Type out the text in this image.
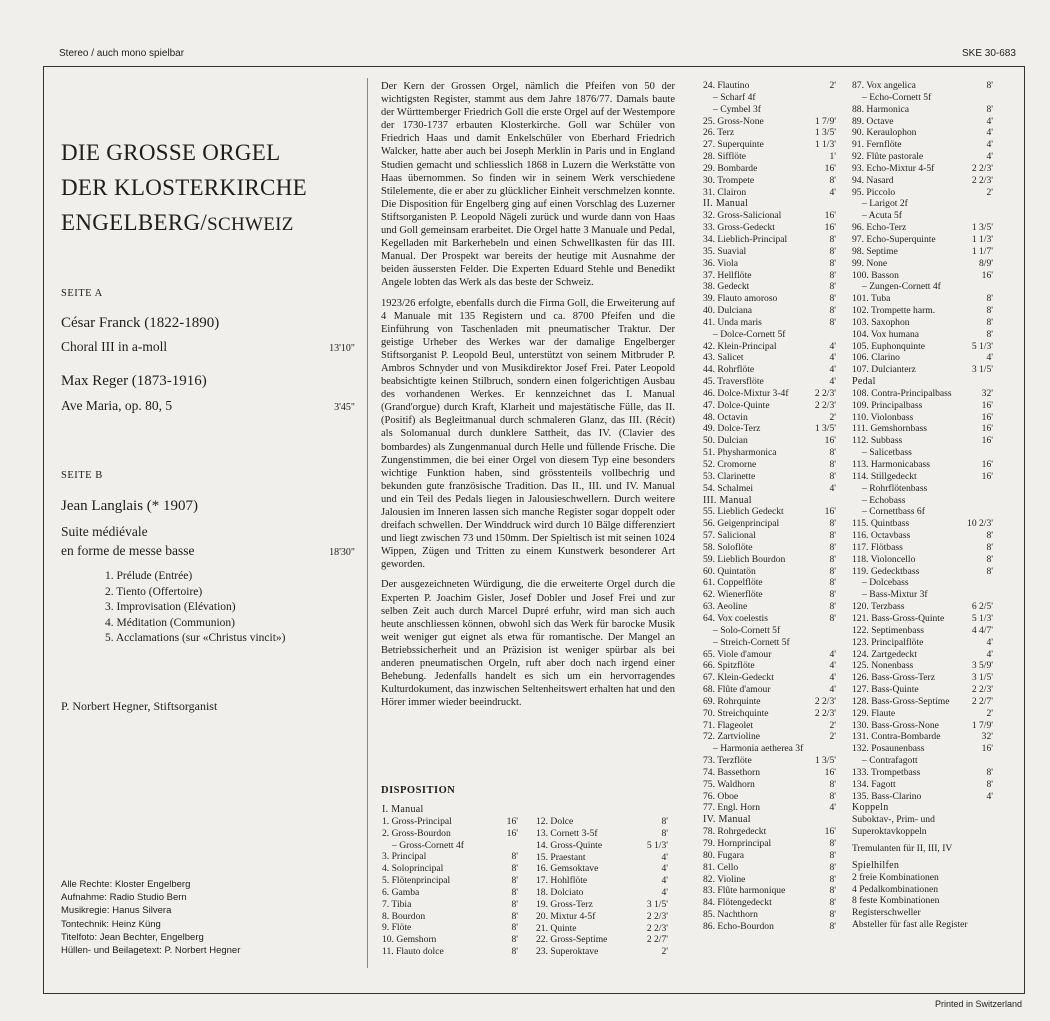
Stereo / auch mono spielbar	SKE 30-683
DIE GROSSE ORGEL
DER KLOSTERKIRCHE
ENGELBERG/SCHWEIZ
SEITE A
César Franck (1822-1890)
Choral III in a-moll	13'10"
Max Reger (1873-1916)
Ave Maria, op. 80, 5	3'45"
SEITE B
Jean Langlais (* 1907)
Suite médiévale
en forme de messe basse	18'30"
1. Prélude (Entrée)
2. Tiento (Offertoire)
3. Improvisation (Elévation)
4. Méditation (Communion)
5. Acclamations (sur «Christus vincit»)
P. Norbert Hegner, Stiftsorganist
Alle Rechte: Kloster Engelberg
Aufnahme: Radio Studio Bern
Musikregie: Hanus Silvera
Tontechnik: Heinz Küng
Titelfoto: Jean Bechter, Engelberg
Hüllen- und Beilagetext: P. Norbert Hegner

Der Kern der Grossen Orgel, nämlich die Pfeifen von 50 der wichtigsten Register, stammt aus dem Jahre 1876/77. Damals baute der Württemberger Friedrich Goll die erste Orgel auf der Westempore der 1730-1737 erbauten Klosterkirche. Goll war Schüler von Friedrich Haas und damit Enkelschüler von Eberhard Friedrich Walcker, hatte aber auch bei Joseph Merklin in Paris und in England Studien gemacht und schliesslich 1868 in Luzern die Werkstätte von Haas übernommen. So finden wir in seinem Werk verschiedene Stilelemente, die er aber zu glücklicher Einheit verschmelzen konnte. Die Disposition für Engelberg ging auf einen Vorschlag des Luzerner Stiftsorganisten P. Leopold Nägeli zurück und wurde dann von Haas und Goll gemeinsam erarbeitet. Die Orgel hatte 3 Manuale und Pedal, Kegelladen mit Barkerhebeln und einen Schwellkasten für das III. Manual. Der Prospekt war bereits der heutige mit Ausnahme der beiden äussersten Felder. Die Experten Eduard Stehle und Benedikt Angele lobten das Werk als das beste der Schweiz.

1923/26 erfolgte, ebenfalls durch die Firma Goll, die Erweiterung auf 4 Manuale mit 135 Registern und ca. 8700 Pfeifen und die Einführung von Taschenladen mit pneumatischer Traktur. Der geistige Urheber des Werkes war der damalige Engelberger Stiftsorganist P. Leopold Beul, unterstützt von seinem Mitbruder P. Ambros Schnyder und von Musikdirektor Josef Frei. Pater Leopold beabsichtigte keinen Stilbruch, sondern einen folgerichtigen Ausbau des vorhandenen Werkes. Er kennzeichnet das I. Manual (Grand'orgue) durch Kraft, Klarheit und majestätische Fülle, das II. (Positif) als Begleitmanual durch schmaleren Glanz, das III. (Récit) als Solomanual durch dunklere Sattheit, das IV. (Clavier des bombardes) als Zungenmanual durch Helle und füllende Frische. Die Zungenstimmen, die bei einer Orgel von diesem Typ eine besonders wichtige Funktion haben, sind grösstenteils vollbechrig und bekunden gute französische Tradition. Das II., III. und IV. Manual und ein Teil des Pedals liegen in Jalousieschwellern. Durch weitere Jalousien im Inneren lassen sich manche Register sogar doppelt oder dreifach schwellen. Der Winddruck wird durch 10 Bälge differenziert und liegt zwischen 73 und 150mm. Der Spieltisch ist mit seinen 1024 Wippen, Zügen und Tritten zu einem Kunstwerk besonderer Art geworden.

Der ausgezeichneten Würdigung, die die erweiterte Orgel durch die Experten P. Joachim Gisler, Josef Dobler und Josef Frei und zur selben Zeit auch durch Marcel Dupré erfuhr, wird man sich auch heute anschliessen können, obwohl sich das Werk für barocke Musik weit weniger gut eignet als etwa für romantische. Der Mangel an Betriebssicherheit und an Präzision ist weniger spürbar als bei anderen pneumatischen Orgeln, ruft aber doch nach irgend einer Behebung. Jedenfalls handelt es sich um ein hervorragendes Kulturdokument, das inzwischen Seltenheitswert erhalten hat und den Hörer immer wieder beeindruckt.

DISPOSITION
I. Manual
1. Gross-Principal	16'
2. Gross-Bourdon	16'
– Gross-Cornett 4f
3. Principal	8'
4. Soloprincipal	8'
5. Flötenprincipal	8'
6. Gamba	8'
7. Tibia	8'
8. Bourdon	8'
9. Flöte	8'
10. Gemshorn	8'
11. Flauto dolce	8'
12. Dolce	8'
13. Cornett 3-5f	8'
14. Gross-Quinte	5 1/3'
15. Praestant	4'
16. Gemsoktave	4'
17. Hohlflöte	4'
18. Dolciato	4'
19. Gross-Terz	3 1/5'
20. Mixtur 4-5f	2 2/3'
21. Quinte	2 2/3'
22. Gross-Septime	2 2/7'
23. Superoktave	2'
24. Flautino	2'
– Scharf 4f
– Cymbel 3f
25. Gross-None	1 7/9'
26. Terz	1 3/5'
27. Superquinte	1 1/3'
28. Sifflöte	1'
29. Bombarde	16'
30. Trompete	8'
31. Clairon	4'
II. Manual
32. Gross-Salicional	16'
33. Gross-Gedeckt	16'
34. Lieblich-Principal	8'
35. Suavial	8'
36. Viola	8'
37. Hellflöte	8'
38. Gedeckt	8'
39. Flauto amoroso	8'
40. Dulciana	8'
41. Unda maris	8'
– Dolce-Cornett 5f
42. Klein-Principal	4'
43. Salicet	4'
44. Rohrflöte	4'
45. Traversflöte	4'
46. Dolce-Mixtur 3-4f	2 2/3'
47. Dolce-Quinte	2 2/3'
48. Octavin	2'
49. Dolce-Terz	1 3/5'
50. Dulcian	16'
51. Physharmonica	8'
52. Cromorne	8'
53. Clarinette	8'
54. Schalmei	4'
III. Manual
55. Lieblich Gedeckt	16'
56. Geigenprincipal	8'
57. Salicional	8'
58. Soloflöte	8'
59. Lieblich Bourdon	8'
60. Quintatön	8'
61. Coppelflöte	8'
62. Wienerflöte	8'
63. Aeoline	8'
64. Vox coelestis	8'
– Solo-Cornett 5f
– Streich-Cornett 5f
65. Viole d'amour	4'
66. Spitzflöte	4'
67. Klein-Gedeckt	4'
68. Flûte d'amour	4'
69. Rohrquinte	2 2/3'
70. Streichquinte	2 2/3'
71. Flageolet	2'
72. Zartvioline	2'
– Harmonia aetherea 3f
73. Terzflöte	1 3/5'
74. Bassethorn	16'
75. Waldhorn	8'
76. Oboe	8'
77. Engl. Horn	4'
IV. Manual
78. Rohrgedeckt	16'
79. Hornprincipal	8'
80. Fugara	8'
81. Cello	8'
82. Violine	8'
83. Flûte harmonique	8'
84. Flötengedeckt	8'
85. Nachthorn	8'
86. Echo-Bourdon	8'
87. Vox angelica	8'
– Echo-Cornett 5f
88. Harmonica	8'
89. Octave	4'
90. Keraulophon	4'
91. Fernflöte	4'
92. Flûte pastorale	4'
93. Echo-Mixtur 4-5f	2 2/3'
94. Nasard	2 2/3'
95. Piccolo	2'
– Larigot 2f
– Acuta 5f
96. Echo-Terz	1 3/5'
97. Echo-Superquinte	1 1/3'
98. Septime	1 1/7'
99. None	8/9'
100. Basson	16'
– Zungen-Cornett 4f
101. Tuba	8'
102. Trompette harm.	8'
103. Saxophon	8'
104. Vox humana	8'
105. Euphonquinte	5 1/3'
106. Clarino	4'
107. Dulcianterz	3 1/5'
Pedal
108. Contra-Principalbass	32'
109. Principalbass	16'
110. Violonbass	16'
111. Gemshornbass	16'
112. Subbass	16'
– Salicetbass
113. Harmonicabass	16'
114. Stillgedeckt	16'
– Rohrflötenbass
– Echobass
– Cornettbass 6f
115. Quintbass	10 2/3'
116. Octavbass	8'
117. Flötbass	8'
118. Violoncello	8'
119. Gedecktbass	8'
– Dolcebass
– Bass-Mixtur 3f
120. Terzbass	6 2/5'
121. Bass-Gross-Quinte	5 1/3'
122. Septimenbass	4 4/7'
123. Principalflöte	4'
124. Zartgedeckt	4'
125. Nonenbass	3 5/9'
126. Bass-Gross-Terz	3 1/5'
127. Bass-Quinte	2 2/3'
128. Bass-Gross-Septime 2 2/7'
129. Flaute	2'
130. Bass-Gross-None	1 7/9'
131. Contra-Bombarde	32'
132. Posaunenbass	16'
– Contrafagott
133. Trompetbass	8'
134. Fagott	8'
135. Bass-Clarino	4'
Koppeln
Suboktav-, Prim- und
Superoktavkoppeln
Tremulanten für II, III, IV
Spielhilfen
2 freie Kombinationen
4 Pedalkombinationen
8 feste Kombinationen
Registerschweller
Absteller für fast alle Register
Printed in Switzerland
